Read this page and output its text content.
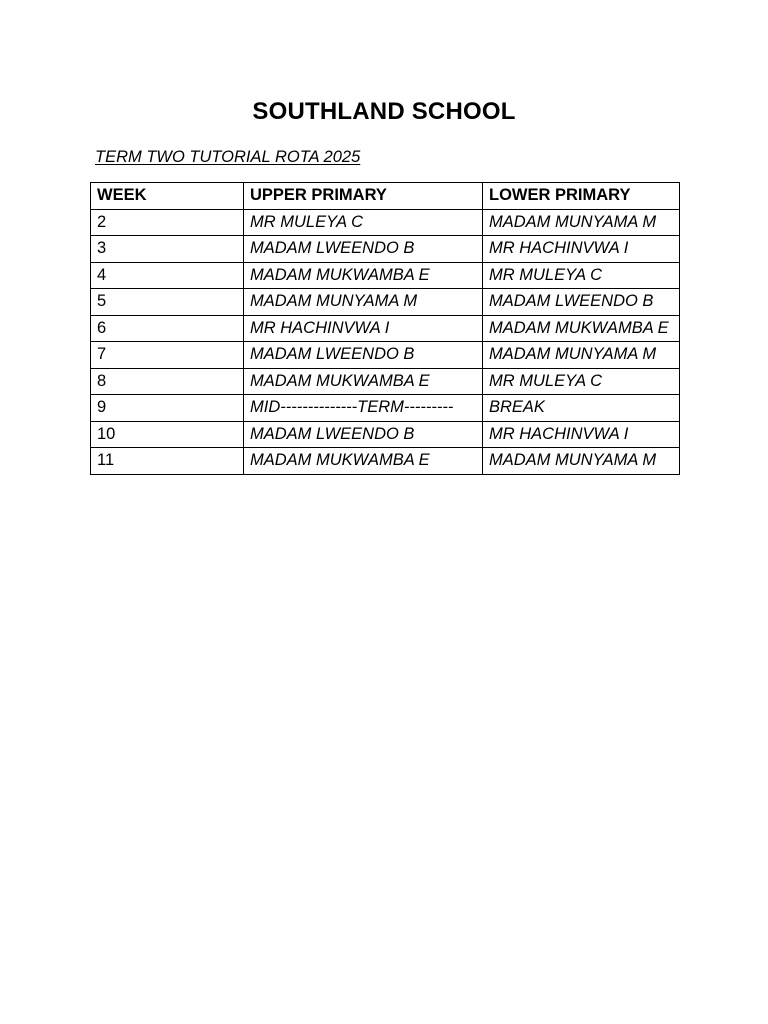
SOUTHLAND SCHOOL
TERM TWO TUTORIAL ROTA 2025
WEEK	UPPER PRIMARY	LOWER PRIMARY
2	MR MULEYA C	MADAM MUNYAMA M
3	MADAM LWEENDO B	MR HACHINVWA I
4	MADAM MUKWAMBA E	MR MULEYA C
5	MADAM MUNYAMA M	MADAM LWEENDO B
6	MR HACHINVWA I	MADAM MUKWAMBA E
7	MADAM LWEENDO B	MADAM MUNYAMA M
8	MADAM MUKWAMBA E	MR MULEYA C
9	MID--------------TERM---------	BREAK
10	MADAM LWEENDO B	MR HACHINVWA I
11	MADAM MUKWAMBA E	MADAM MUNYAMA M
